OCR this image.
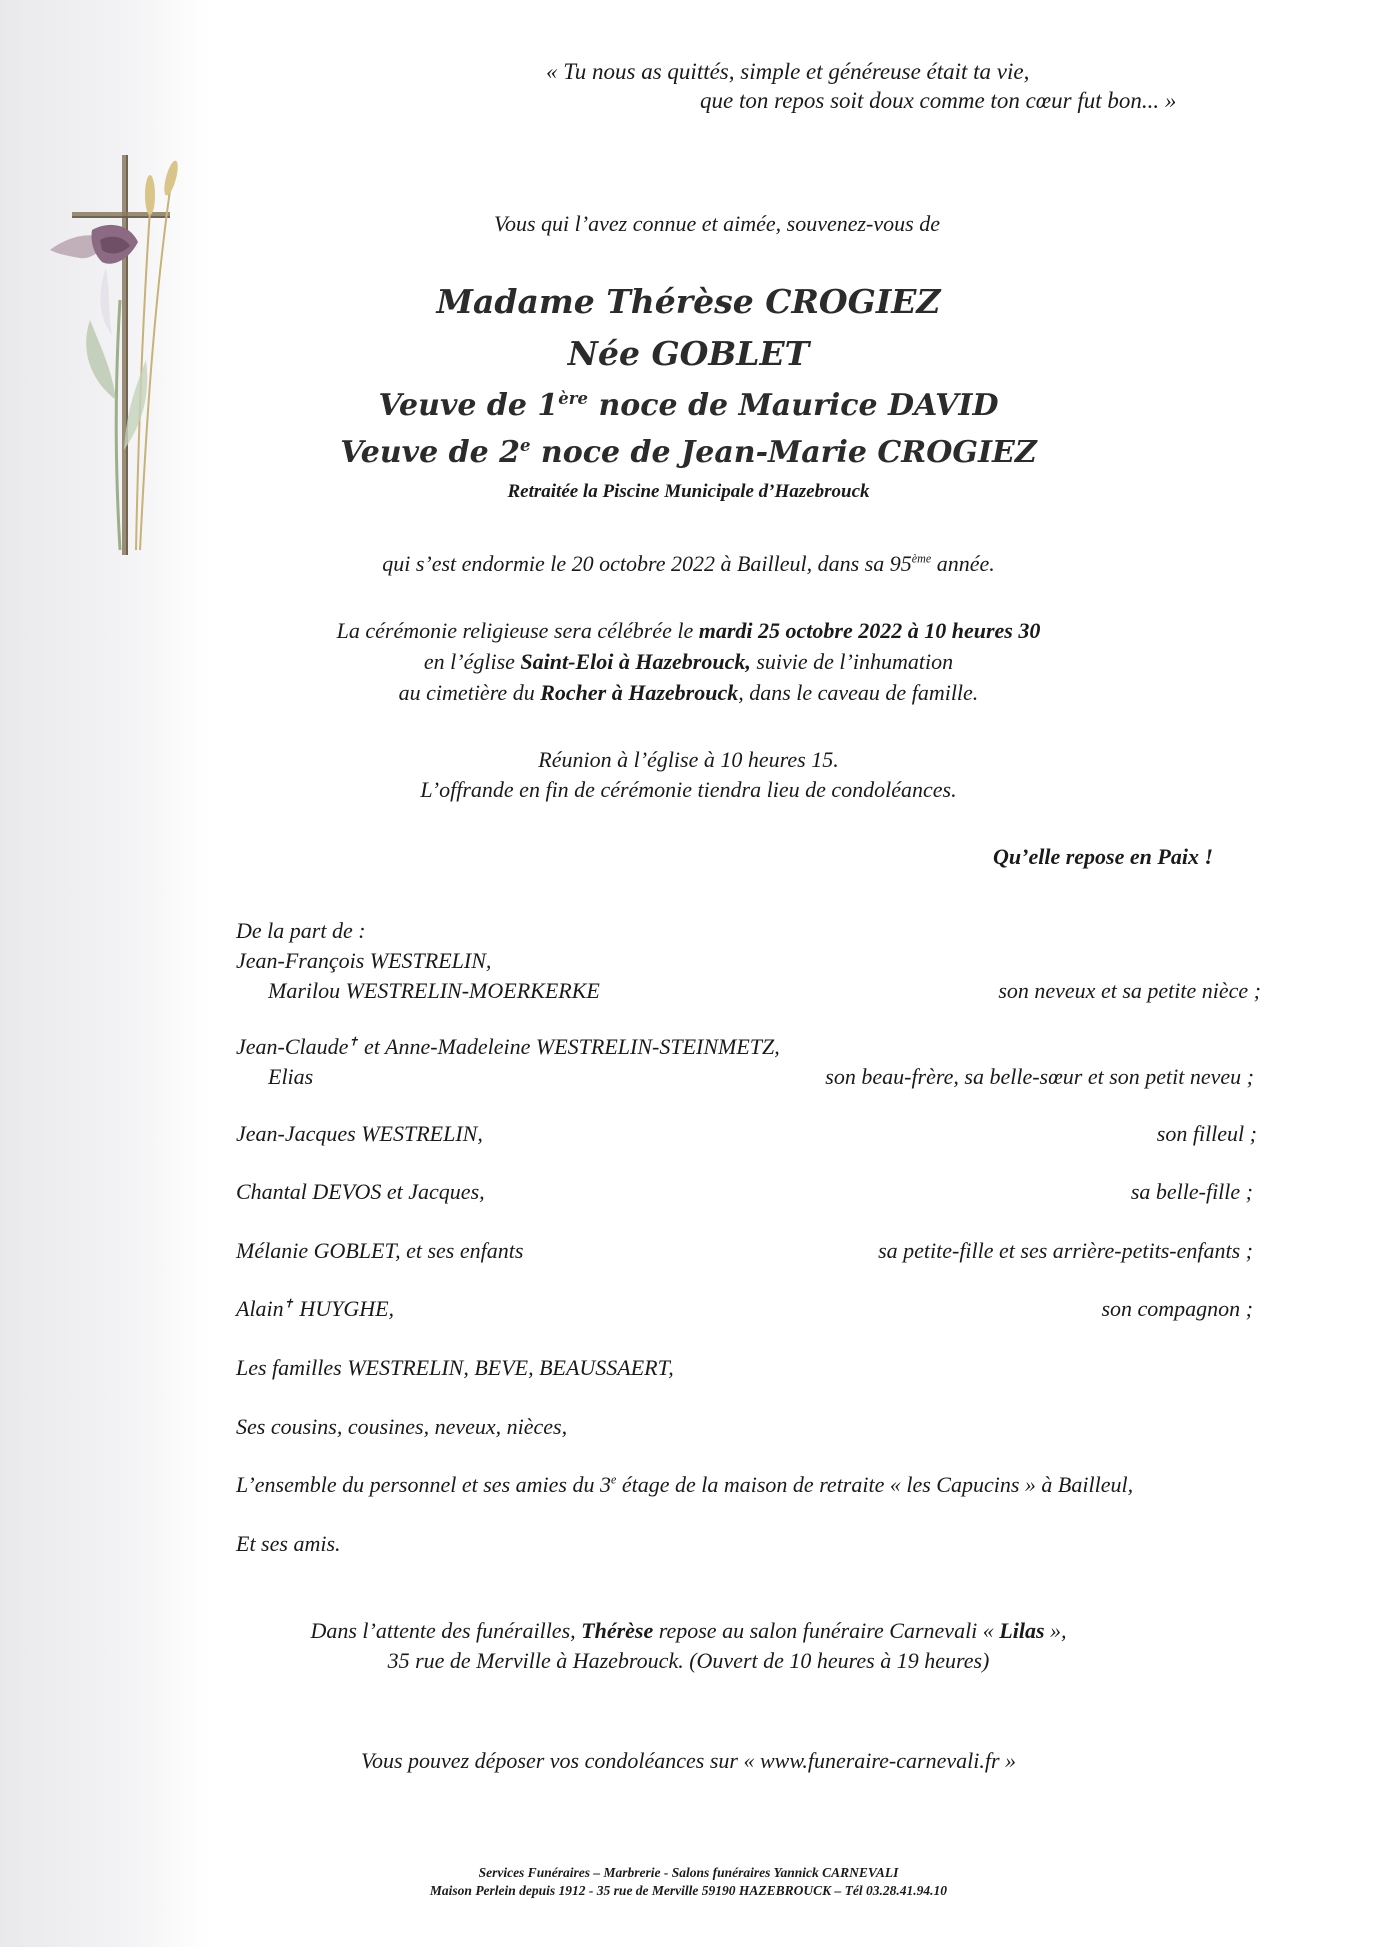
« Tu nous as quittés, simple et généreuse était ta vie,
que ton repos soit doux comme ton cœur fut bon... »
Vous qui l’avez connue et aimée, souvenez-vous de
Madame Thérèse CROGIEZ
Née GOBLET
Veuve de 1ère noce de Maurice DAVID
Veuve de 2e noce de Jean-Marie CROGIEZ
Retraitée la Piscine Municipale d’Hazebrouck
qui s’est endormie le 20 octobre 2022 à Bailleul, dans sa 95ème année.
La cérémonie religieuse sera célébrée le mardi 25 octobre 2022 à 10 heures 30
en l’église Saint-Eloi à Hazebrouck, suivie de l’inhumation
au cimetière du Rocher à Hazebrouck, dans le caveau de famille.
Réunion à l’église à 10 heures 15.
L’offrande en fin de cérémonie tiendra lieu de condoléances.
Qu’elle repose en Paix !
De la part de :
Jean-François WESTRELIN,
Marilou WESTRELIN-MOERKERKE	son neveux et sa petite nièce ;
Jean-Claude✝ et Anne-Madeleine WESTRELIN-STEINMETZ,
Elias	son beau-frère, sa belle-sœur et son petit neveu ;
Jean-Jacques WESTRELIN,	son filleul ;
Chantal DEVOS et Jacques,	sa belle-fille ;
Mélanie GOBLET, et ses enfants	sa petite-fille et ses arrière-petits-enfants ;
Alain✝ HUYGHE,	son compagnon ;
Les familles WESTRELIN, BEVE, BEAUSSAERT,
Ses cousins, cousines, neveux, nièces,
L’ensemble du personnel et ses amies du 3e étage de la maison de retraite « les Capucins » à Bailleul,
Et ses amis.
Dans l’attente des funérailles, Thérèse repose au salon funéraire Carnevali « Lilas »,
35 rue de Merville à Hazebrouck. (Ouvert de 10 heures à 19 heures)
Vous pouvez déposer vos condoléances sur « www.funeraire-carnevali.fr »
Services Funéraires – Marbrerie - Salons funéraires Yannick CARNEVALI
Maison Perlein depuis 1912 - 35 rue de Merville 59190 HAZEBROUCK – Tél 03.28.41.94.10
